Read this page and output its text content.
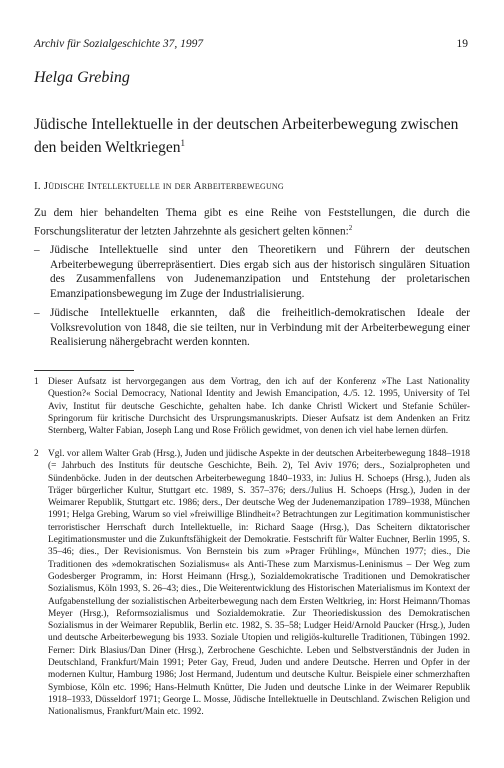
Archiv für Sozialgeschichte 37, 1997	19
Helga Grebing
Jüdische Intellektuelle in der deutschen Arbeiterbewegung zwischen den beiden Weltkriegen$^1$
I. Jüdische Intellektuelle in der Arbeiterbewegung

Zu dem hier behandelten Thema gibt es eine Reihe von Feststellungen, die durch die Forschungsliteratur der letzten Jahrzehnte als gesichert gelten können:$^2$

– Jüdische Intellektuelle sind unter den Theoretikern und Führern der deutschen Arbeiterbewegung überrepräsentiert. Dies ergab sich aus der historisch singulären Situation des Zusammenfallens von Judenemanzipation und Entstehung der proletarischen Emanzipationsbewegung im Zuge der Industrialisierung.
– Jüdische Intellektuelle erkannten, daß die freiheitlich-demokratischen Ideale der Volksrevolution von 1848, die sie teilten, nur in Verbindung mit der Arbeiterbewegung einer Realisierung nähergebracht werden konnten.
1 Dieser Aufsatz ist hervorgegangen aus dem Vortrag, den ich auf der Konferenz »The Last Nationality Question?« Social Democracy, National Identity and Jewish Emancipation, 4./5. 12. 1995, University of Tel Aviv, Institut für deutsche Geschichte, gehalten habe. Ich danke Christl Wickert und Stefanie Schüler-Springorum für kritische Durchsicht des Ursprungsmanuskripts. Dieser Aufsatz ist dem Andenken an Fritz Sternberg, Walter Fabian, Joseph Lang und Rose Frölich gewidmet, von denen ich viel habe lernen dürfen.
2 Vgl. vor allem Walter Grab (Hrsg.), Juden und jüdische Aspekte in der deutschen Arbeiterbewegung 1848–1918 (= Jahrbuch des Instituts für deutsche Geschichte, Beih. 2), Tel Aviv 1976; ders., Sozialpropheten und Sündenböcke. Juden in der deutschen Arbeiterbewegung 1840–1933, in: Julius H. Schoeps (Hrsg.), Juden als Träger bürgerlicher Kultur, Stuttgart etc. 1989, S. 357–376; ders./Julius H. Schoeps (Hrsg.), Juden in der Weimarer Republik, Stuttgart etc. 1986; ders., Der deutsche Weg der Judenemanzipation 1789–1938, München 1991; Helga Grebing, Warum so viel »freiwillige Blindheit«? Betrachtungen zur Legitimation kommunistischer terroristischer Herrschaft durch Intellektuelle, in: Richard Saage (Hrsg.), Das Scheitern diktatorischer Legitimationsmuster und die Zukunftsfähigkeit der Demokratie. Festschrift für Walter Euchner, Berlin 1995, S. 35–46; dies., Der Revisionismus. Von Bernstein bis zum »Prager Frühling«, München 1977; dies., Die Traditionen des »demokratischen Sozialismus« als Anti-These zum Marxismus-Leninismus – Der Weg zum Godesberger Programm, in: Horst Heimann (Hrsg.), Sozialdemokratische Traditionen und Demokratischer Sozialismus, Köln 1993, S. 26–43; dies., Die Weiterentwicklung des Historischen Materialismus im Kontext der Aufgabenstellung der sozialistischen Arbeiterbewegung nach dem Ersten Weltkrieg, in: Horst Heimann/Thomas Meyer (Hrsg.), Reformsozialismus und Sozialdemokratie. Zur Theoriediskussion des Demokratischen Sozialismus in der Weimarer Republik, Berlin etc. 1982, S. 35–58; Ludger Heid/Arnold Paucker (Hrsg.), Juden und deutsche Arbeiterbewegung bis 1933. Soziale Utopien und religiös-kulturelle Traditionen, Tübingen 1992. Ferner: Dirk Blasius/Dan Diner (Hrsg.), Zerbrochene Geschichte. Leben und Selbstverständnis der Juden in Deutschland, Frankfurt/Main 1991; Peter Gay, Freud, Juden und andere Deutsche. Herren und Opfer in der modernen Kultur, Hamburg 1986; Jost Hermand, Judentum und deutsche Kultur. Beispiele einer schmerzhaften Symbiose, Köln etc. 1996; Hans-Helmuth Knütter, Die Juden und deutsche Linke in der Weimarer Republik 1918–1933, Düsseldorf 1971; George L. Mosse, Jüdische Intellektuelle in Deutschland. Zwischen Religion und Nationalismus, Frankfurt/Main etc. 1992.
